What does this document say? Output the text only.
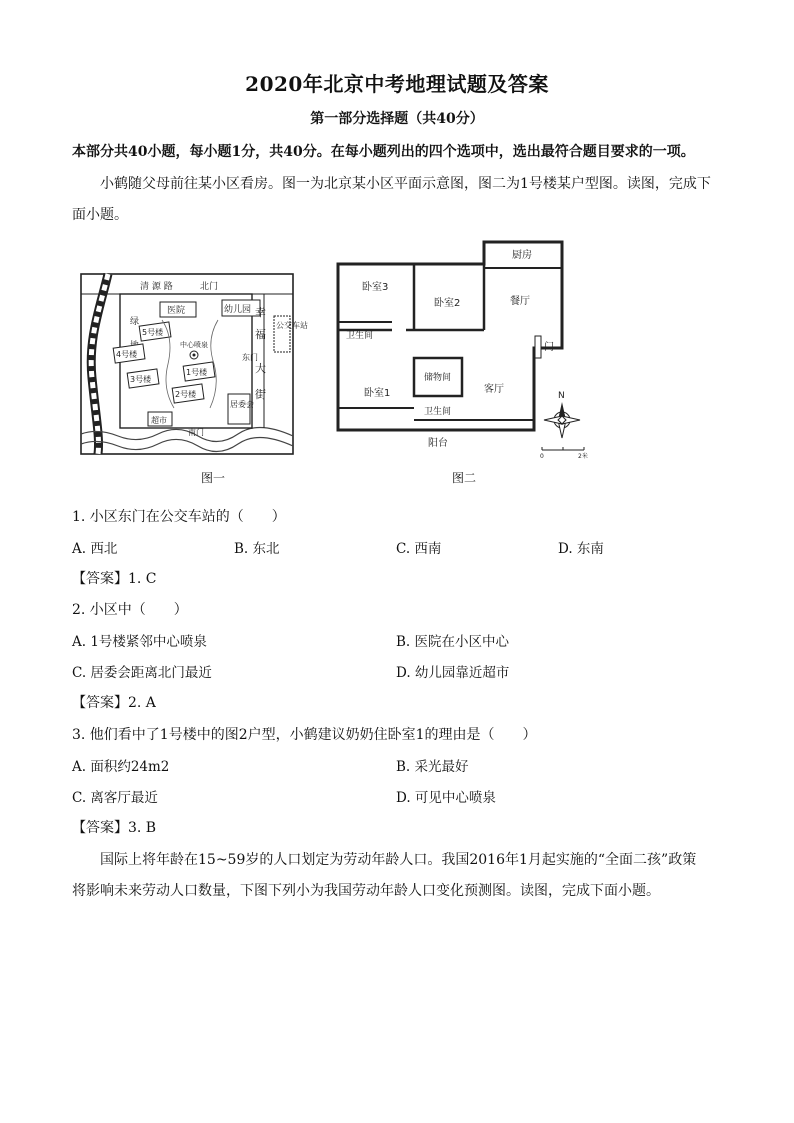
2020年北京中考地理试题及答案
第一部分选择题（共40分）
本部分共40小题，每小题1分，共40分。在每小题列出的四个选项中，选出最符合题目要求的一项。
小鹤随父母前往某小区看房。图一为北京某小区平面示意图，图二为1号楼某户型图。读图，完成下
面小题。
清 源 路	北门
医院	幼儿园
公交车站
幸
福
大
街
绿
5号楼
4号楼
3号楼
2号楼
1号楼
中心喷泉
东门
超市
居委会
南门
图一
厨房
卧室3
卧室2	餐厅
卫生间
门
储物间
卧室1	客厅
卫生间
阳台
N
0	2米
图二
1. 小区东门在公交车站的（　　）
A. 西北	B. 东北	C. 西南	D. 东南
【答案】1. C
2. 小区中（　　）
A. 1号楼紧邻中心喷泉	B. 医院在小区中心
C. 居委会距离北门最近	D. 幼儿园靠近超市
【答案】2. A
3. 他们看中了1号楼中的图2户型，小鹤建议奶奶住卧室1的理由是（　　）
A. 面积约24m2	B. 采光最好
C. 离客厅最近	D. 可见中心喷泉
【答案】3. B
国际上将年龄在15~59岁的人口划定为劳动年龄人口。我国2016年1月起实施的“全面二孩”政策
将影响未来劳动人口数量，下图下列小为我国劳动年龄人口变化预测图。读图，完成下面小题。
